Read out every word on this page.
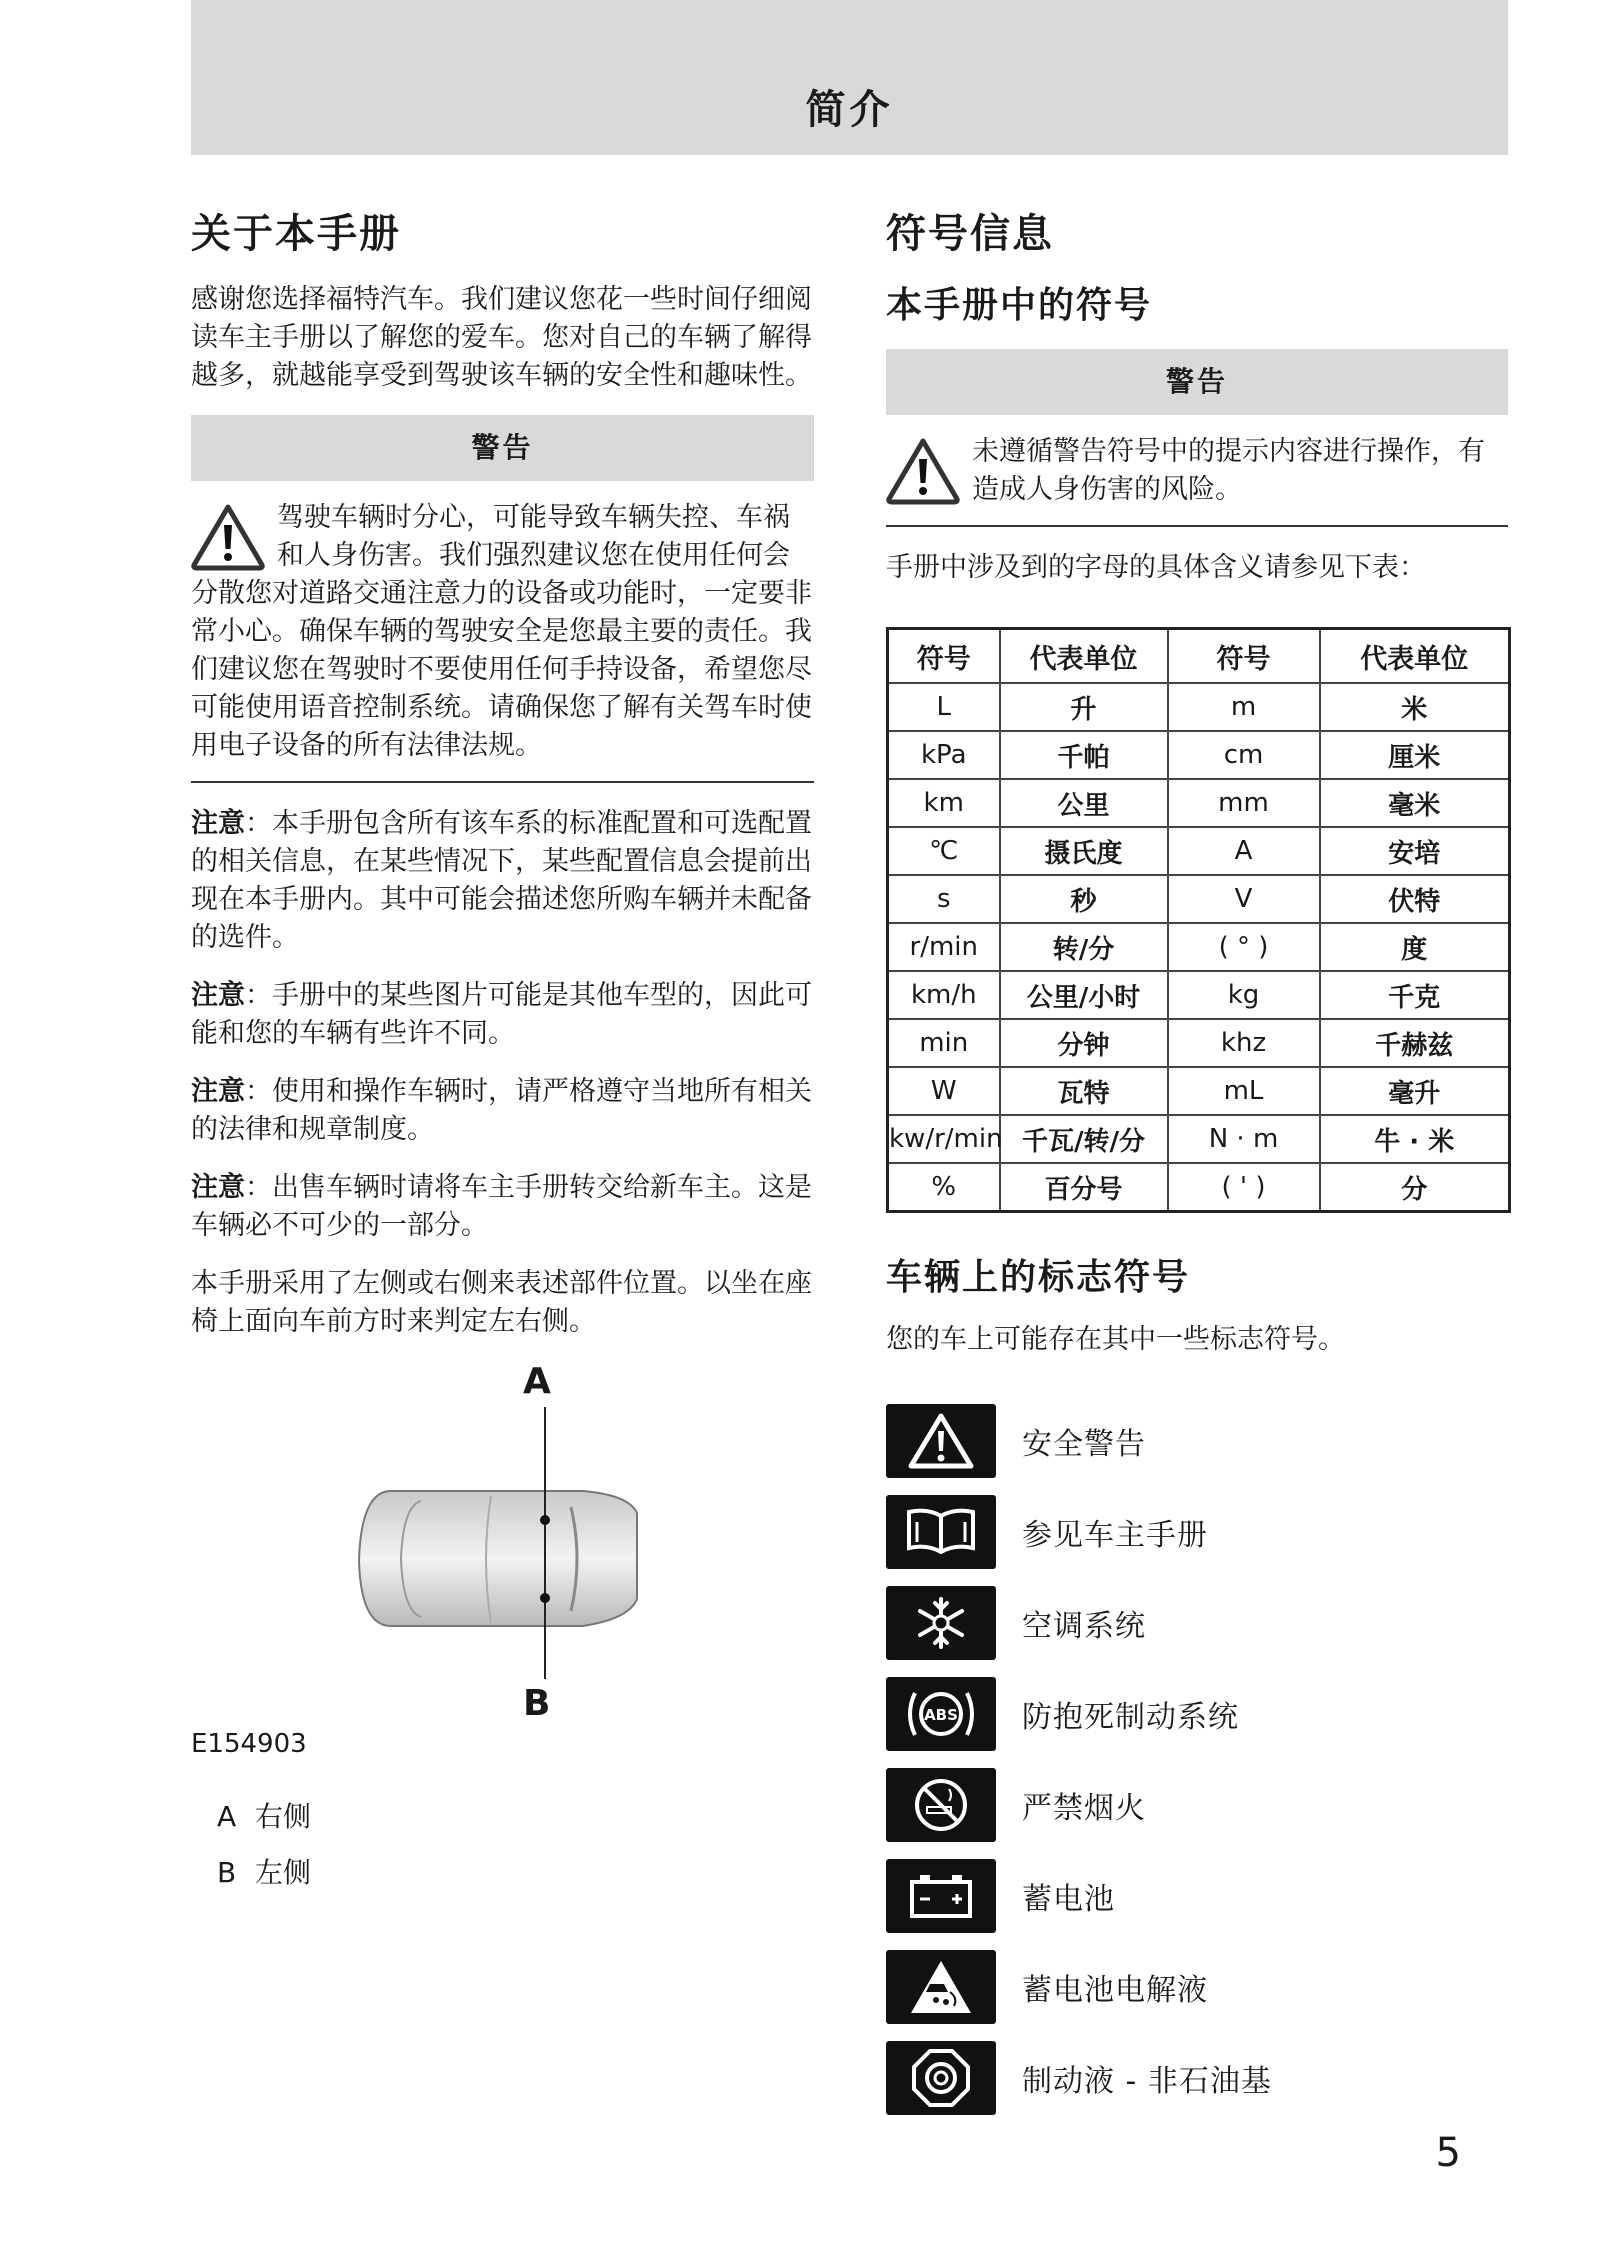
简介
关于本手册

感谢您选择福特汽车。我们建议您花一些时间仔细阅读车主手册以了解您的爱车。您对自己的车辆了解得越多，就越能享受到驾驶该车辆的安全性和趣味性。

警告
驾驶车辆时分心，可能导致车辆失控、车祸和人身伤害。我们强烈建议您在使用任何会分散您对道路交通注意力的设备或功能时，一定要非常小心。确保车辆的驾驶安全是您最主要的责任。我们建议您在驾驶时不要使用任何手持设备，希望您尽可能使用语音控制系统。请确保您了解有关驾车时使用电子设备的所有法律法规。

注意：本手册包含所有该车系的标准配置和可选配置的相关信息，在某些情况下，某些配置信息会提前出现在本手册内。其中可能会描述您所购车辆并未配备的选件。

注意：手册中的某些图片可能是其他车型的，因此可能和您的车辆有些许不同。

注意：使用和操作车辆时，请严格遵守当地所有相关的法律和规章制度。

注意：出售车辆时请将车主手册转交给新车主。这是车辆必不可少的一部分。

本手册采用了左侧或右侧来表述部件位置。以坐在座椅上面向车前方时来判定左右侧。

A
B
E154903
A 右侧
B 左侧
符号信息
本手册中的符号
警告
未遵循警告符号中的提示内容进行操作，有造成人身伤害的风险。

手册中涉及到的字母的具体含义请参见下表：

符号	代表单位	符号	代表单位
L	升	m	米
kPa	千帕	cm	厘米
km	公里	mm	毫米
℃	摄氏度	A	安培
s	秒	V	伏特
r/min	转/分	( ° )	度
km/h	公里/小时	kg	千克
min	分钟	khz	千赫兹
W	瓦特	mL	毫升
kw/r/min	千瓦/转/分	N · m	牛 · 米
%	百分号	( ' )	分
车辆上的标志符号

您的车上可能存在其中一些标志符号。

安全警告
参见车主手册
空调系统
ABS 防抱死制动系统
严禁烟火
蓄电池
蓄电池电解液
制动液 - 非石油基
5
